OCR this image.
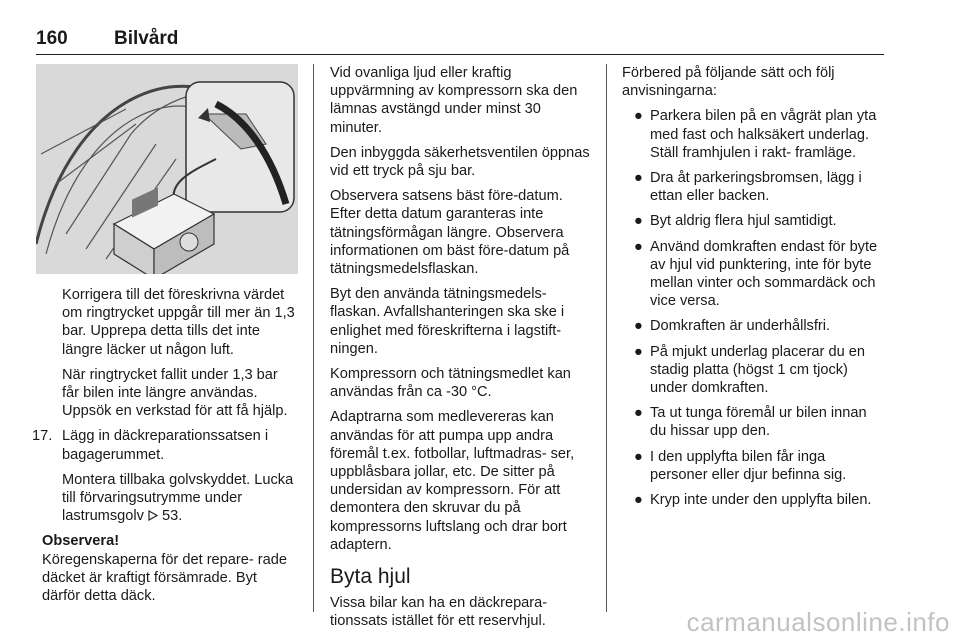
160 Bilvård

Korrigera till det föreskrivna värdet om ringtrycket uppgår till mer än 1,3 bar. Upprepa detta tills det inte längre läcker ut någon luft.

När ringtrycket fallit under 1,3 bar får bilen inte längre användas. Uppsök en verkstad för att få hjälp.

17. Lägg in däckreparationssatsen i bagagerummet.

Montera tillbaka golvskyddet. Lucka till förvaringsutrymme under lastrumsgolv 53.

Observera!

Köregenskaperna för det repare- rade däcket är kraftigt försämrade. Byt därför detta däck.

Vid ovanliga ljud eller kraftig uppvärmning av kompressorn ska den lämnas avstängd under minst 30 minuter.

Den inbyggda säkerhetsventilen öppnas vid ett tryck på sju bar.

Observera satsens bäst före-datum. Efter detta datum garanteras inte tätningsförmågan längre. Observera informationen om bäst före-datum på tätningsmedelsflaskan.

Byt den använda tätningsmedels- flaskan. Avfallshanteringen ska ske i enlighet med föreskrifterna i lagstift- ningen.

Kompressorn och tätningsmedlet kan användas från ca -30 °C.

Adaptrarna som medlevereras kan användas för att pumpa upp andra föremål t.ex. fotbollar, luftmadras- ser, uppblåsbara jollar, etc. De sitter på undersidan av kompressorn. För att demontera den skruvar du på kompressorns luftslang och drar bort adaptern.

Byta hjul

Vissa bilar kan ha en däckrepara- tionssats istället för ett reservhjul.

Förbered på följande sätt och följ anvisningarna:

● Parkera bilen på en vågrät plan yta med fast och halksäkert underlag. Ställ framhjulen i rakt- framläge.
● Dra åt parkeringsbromsen, lägg i ettan eller backen.
● Byt aldrig flera hjul samtidigt.
● Använd domkraften endast för byte av hjul vid punktering, inte för byte mellan vinter och sommardäck och vice versa.
● Domkraften är underhållsfri.
● På mjukt underlag placerar du en stadig platta (högst 1 cm tjock) under domkraften.
● Ta ut tunga föremål ur bilen innan du hissar upp den.
● I den upplyfta bilen får inga personer eller djur befinna sig.
● Kryp inte under den upplyfta bilen.
carmanualsonline.info
